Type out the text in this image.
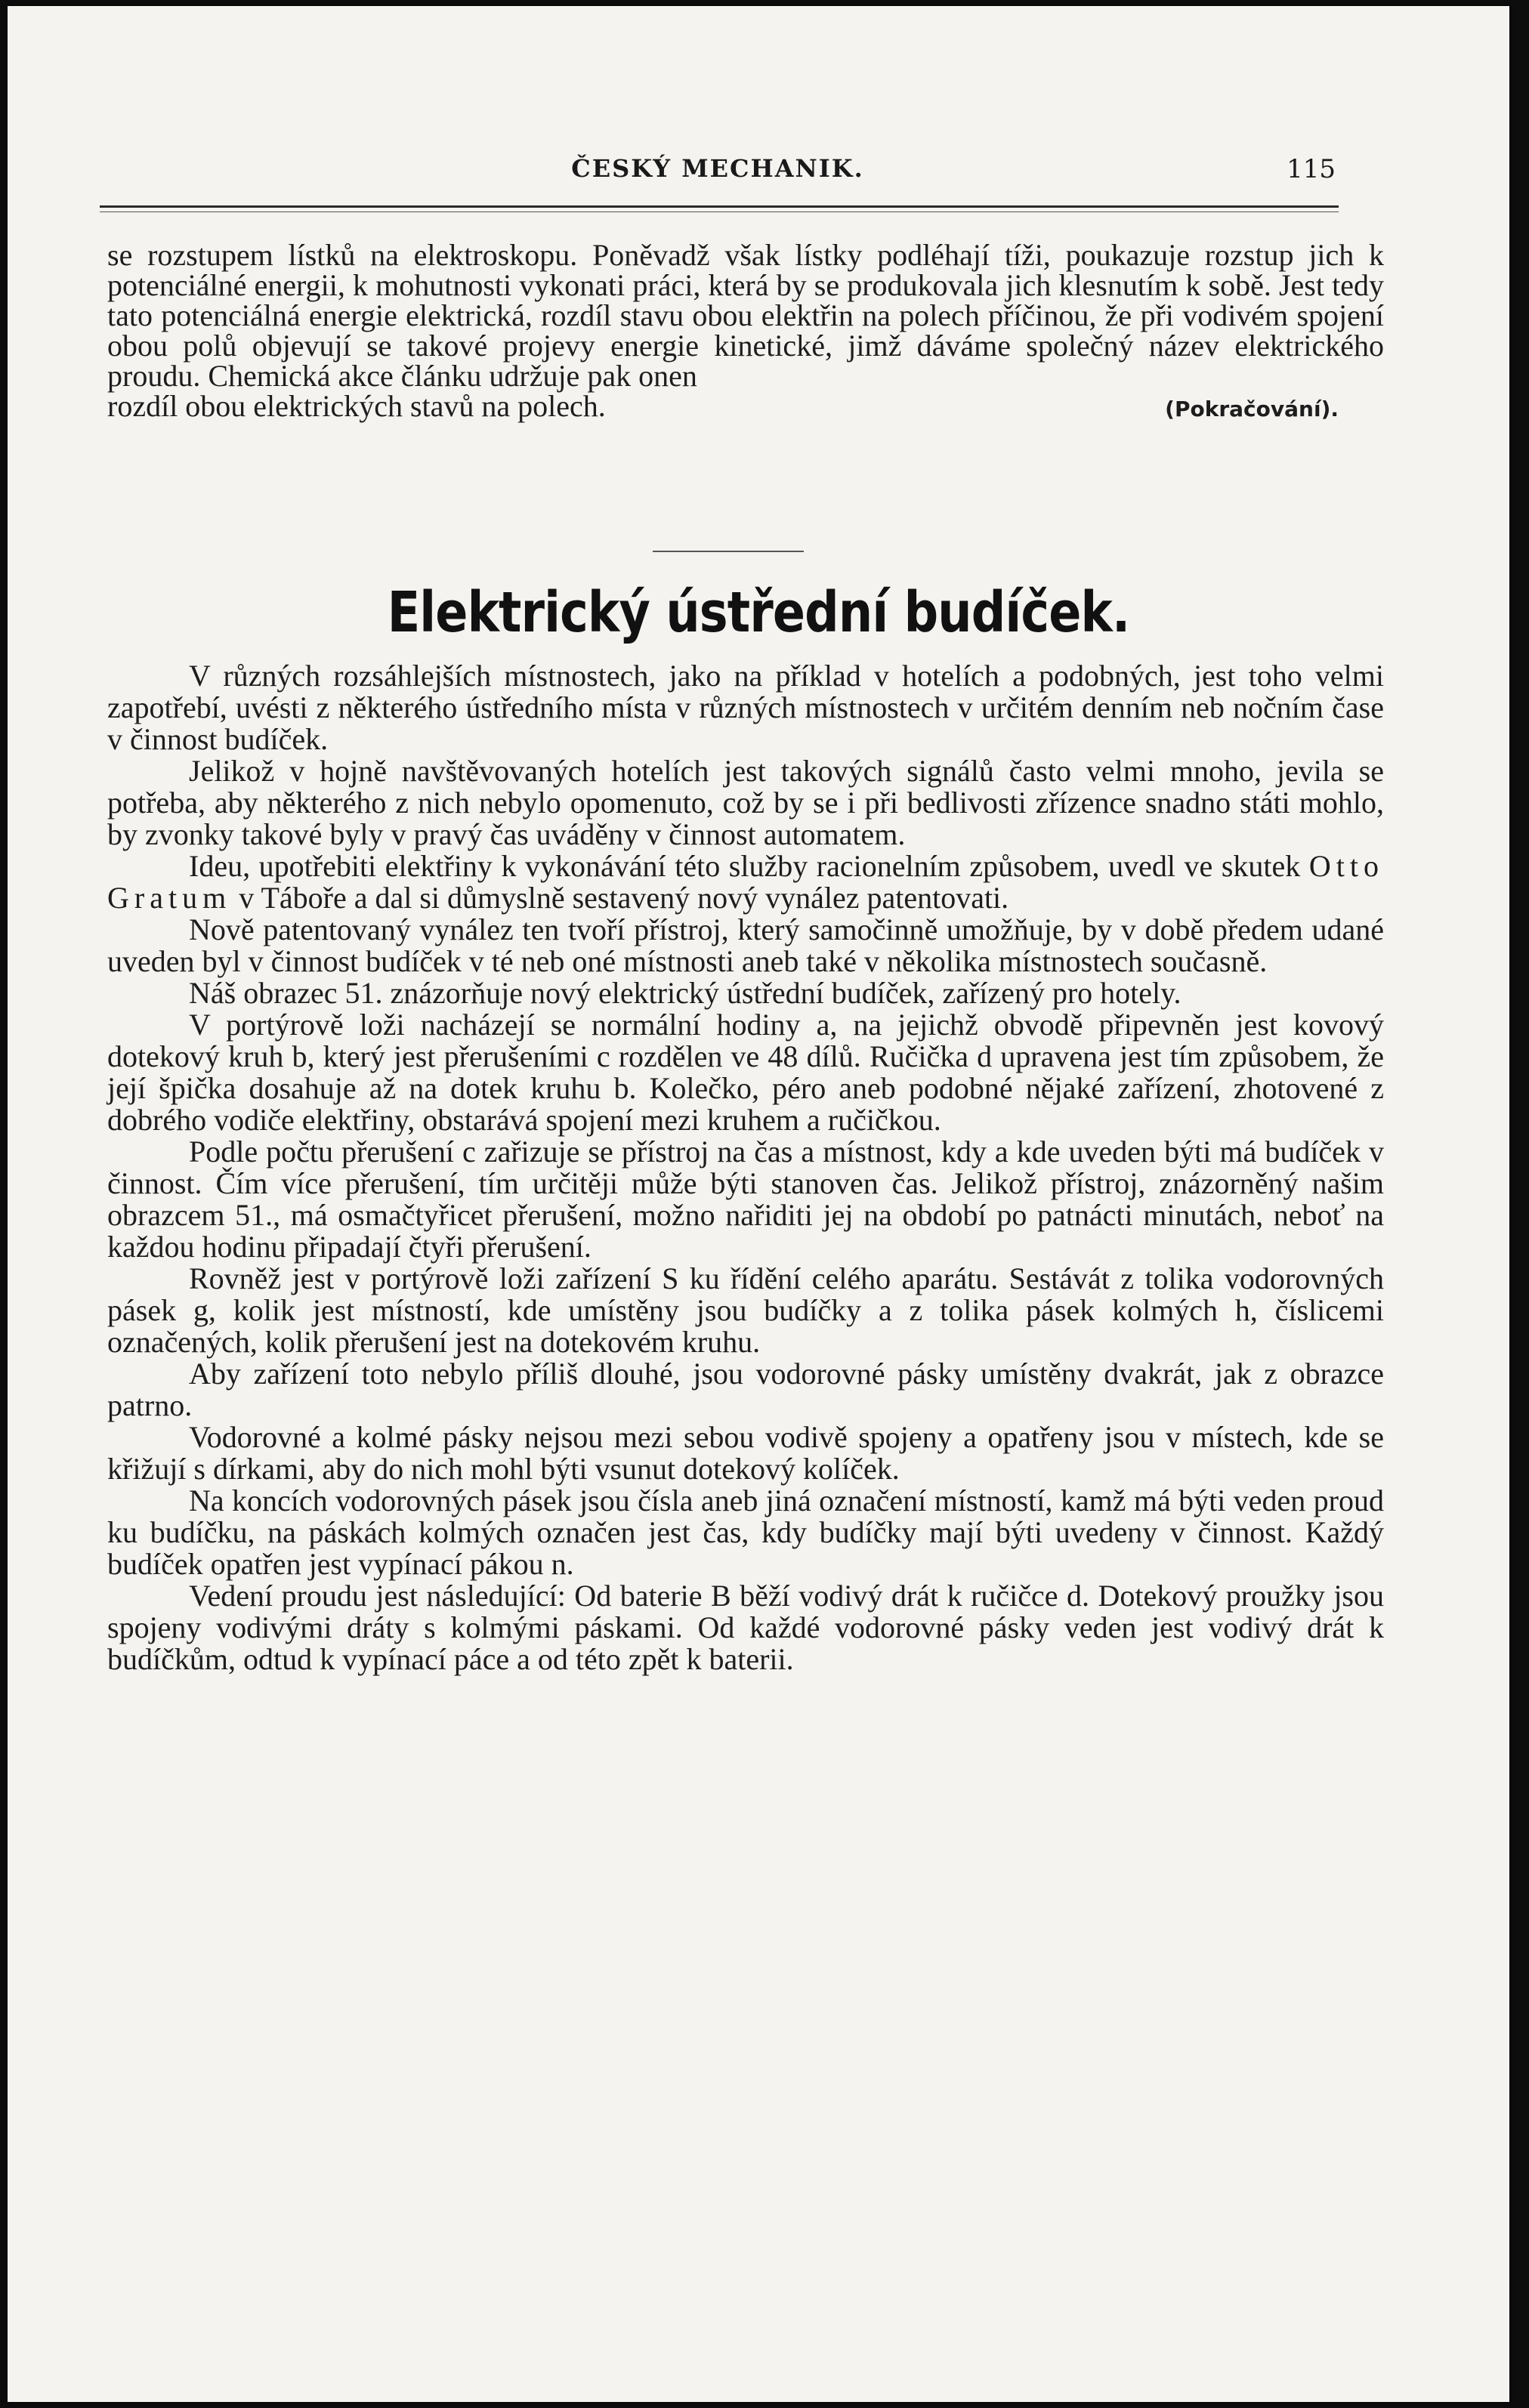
ČESKÝ MECHANIK.	115

se rozstupem lístků na elektroskopu. Poněvadž však lístky podléhají tíži, poukazuje rozstup jich k potenciálné energii, k mohutnosti vykonati práci, která by se produkovala jich klesnutím k sobě. Jest tedy tato potenciálná energie elektrická, rozdíl stavu obou elektřin na polech příčinou, že při vodivém spojení obou polů objevují se takové projevy energie kinetické, jimž dáváme společný název elektrického proudu. Chemická akce článku udržuje pak onen

rozdíl obou elektrických stavů na polech.	(Pokračování).
Elektrický ústřední budíček.

V různých rozsáhlejších místnostech, jako na příklad v hotelích a podobných, jest toho velmi zapotřebí, uvésti z některého ústředního místa v různých místnostech v určitém denním neb nočním čase v činnost budíček.

Jelikož v hojně navštěvovaných hotelích jest takových signálů často velmi mnoho, jevila se potřeba, aby některého z nich nebylo opomenuto, což by se i při bedlivosti zřízence snadno státi mohlo, by zvonky takové byly v pravý čas uváděny v činnost automatem.

Ideu, upotřebiti elektřiny k vykonávání této služby racionelním způsobem, uvedl ve skutek Otto Gratum v Táboře a dal si důmyslně sestavený nový vynález patentovati.

Nově patentovaný vynález ten tvoří přístroj, který samočinně umožňuje, by v době předem udané uveden byl v činnost budíček v té neb oné místnosti aneb také v několika místnostech současně.

Náš obrazec 51. znázorňuje nový elektrický ústřední budíček, zařízený pro hotely.

V portýrově loži nacházejí se normální hodiny a, na jejichž obvodě připevněn jest kovový dotekový kruh b, který jest přerušeními c rozdělen ve 48 dílů. Ručička d upravena jest tím způsobem, že její špička dosahuje až na dotek kruhu b. Kolečko, péro aneb podobné nějaké zařízení, zhotovené z dobrého vodiče elektřiny, obstarává spojení mezi kruhem a ručičkou.

Podle počtu přerušení c zařizuje se přístroj na čas a místnost, kdy a kde uveden býti má budíček v činnost. Čím více přerušení, tím určitěji může býti stanoven čas. Jelikož přístroj, znázorněný našim obrazcem 51., má osmačtyřicet přerušení, možno nařiditi jej na období po patnácti minutách, neboť na každou hodinu připadají čtyři přerušení.

Rovněž jest v portýrově loži zařízení S ku řídění celého aparátu. Sestávát z tolika vodorovných pásek g, kolik jest místností, kde umístěny jsou budíčky a z tolika pásek kolmých h, číslicemi označených, kolik přerušení jest na dotekovém kruhu.

Aby zařízení toto nebylo příliš dlouhé, jsou vodorovné pásky umístěny dvakrát, jak z obrazce patrno.

Vodorovné a kolmé pásky nejsou mezi sebou vodivě spojeny a opatřeny jsou v místech, kde se křižují s dírkami, aby do nich mohl býti vsunut dotekový kolíček.

Na koncích vodorovných pásek jsou čísla aneb jiná označení místností, kamž má býti veden proud ku budíčku, na páskách kolmých označen jest čas, kdy budíčky mají býti uvedeny v činnost. Každý budíček opatřen jest vypínací pákou n.

Vedení proudu jest následující: Od baterie B běží vodivý drát k ručičce d. Dotekový proužky jsou spojeny vodivými dráty s kolmými páskami. Od každé vodorovné pásky veden jest vodivý drát k budíčkům, odtud k vypínací páce a od této zpět k baterii.
